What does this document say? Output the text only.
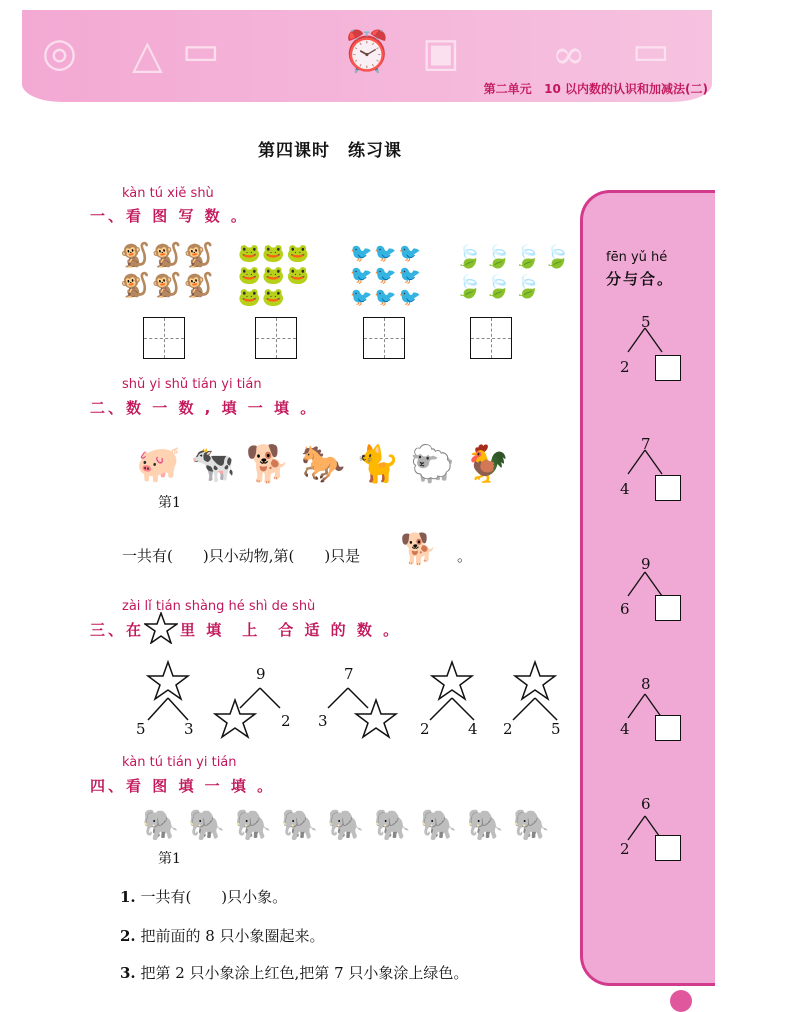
◎ △ ▭	⏰ ▣ ∞ ▭
第二单元 10 以内数的认识和加减法(二)
第四课时　练习课
kàn tú xiě shù
一、看 图 写 数 。
🐒🐒🐒
🐒🐒🐒
🐸🐸🐸
🐸🐸🐸
🐸🐸
🐦🐦🐦
🐦🐦🐦
🐦🐦🐦
🍃🍃🍃🍃
🍃🍃🍃
shǔ yi shǔ tián yi tián
二、数 一 数 , 填 一 填 。
🐖🐄🐕🐎🐈🐑🐓
第1
一共有(　　)只小动物,第(　　)只是 🐕 。
zài lǐ tián shàng hé shì de shù
三、在 里 填　上　合 适 的 数 。
5	3
9
2
7
3	2	4 2	5
kàn tú tián yi tián
四、看 图 填 一 填 。
🐘🐘🐘🐘🐘🐘🐘🐘🐘
第1
1. 一共有(　　)只小象。
2. 把前面的 8 只小象圈起来。
3. 把第 2 只小象涂上红色,把第 7 只小象涂上绿色。
fēn yǔ hé
分与合。
5
2
7
4
9
6
8
4
6
2
